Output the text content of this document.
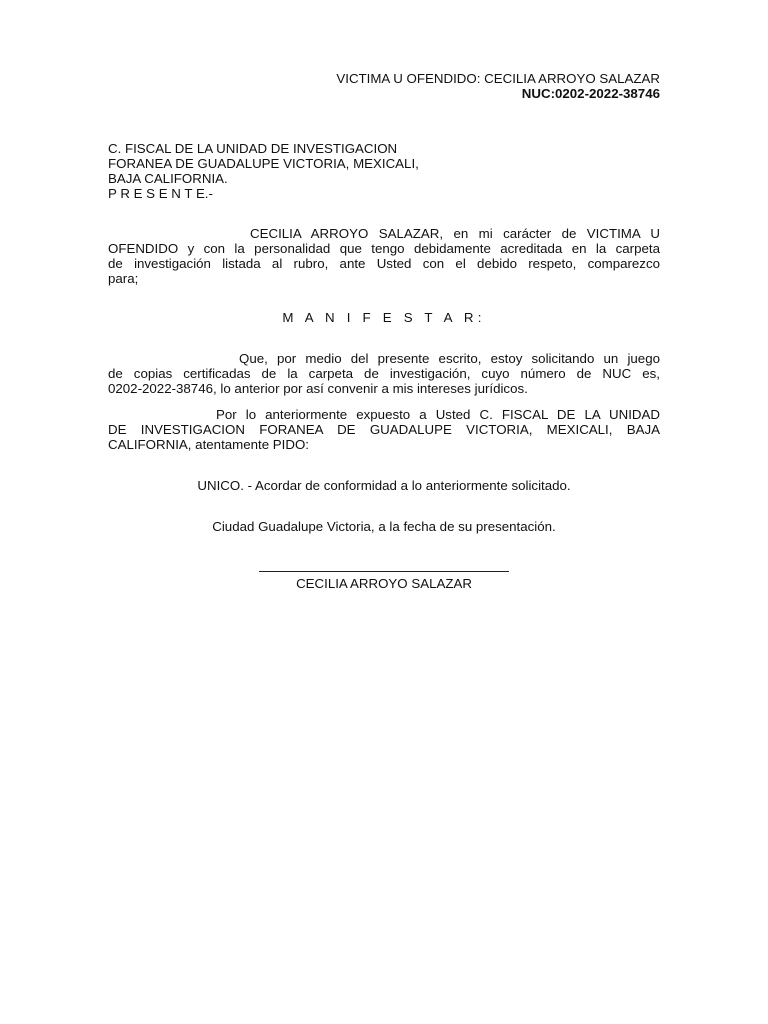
VICTIMA U OFENDIDO: CECILIA ARROYO SALAZAR
NUC:0202-2022-38746
C. FISCAL DE LA UNIDAD DE INVESTIGACION
FORANEA DE GUADALUPE VICTORIA, MEXICALI,
BAJA CALIFORNIA.
P R E S E N T E.-
CECILIA ARROYO SALAZAR, en mi carácter de VICTIMA U
OFENDIDO y con la personalidad que tengo debidamente acreditada en la carpeta
de investigación listada al rubro, ante Usted con el debido respeto, comparezco
para;
M A N I F E S T A R:
Que, por medio del presente escrito, estoy solicitando un juego
de copias certificadas de la carpeta de investigación, cuyo número de NUC es,
0202-2022-38746, lo anterior por así convenir a mis intereses jurídicos.
Por lo anteriormente expuesto a Usted C. FISCAL DE LA UNIDAD
DE INVESTIGACION FORANEA DE GUADALUPE VICTORIA, MEXICALI, BAJA
CALIFORNIA, atentamente PIDO:
UNICO. - Acordar de conformidad a lo anteriormente solicitado.
Ciudad Guadalupe Victoria, a la fecha de su presentación.
CECILIA ARROYO SALAZAR
